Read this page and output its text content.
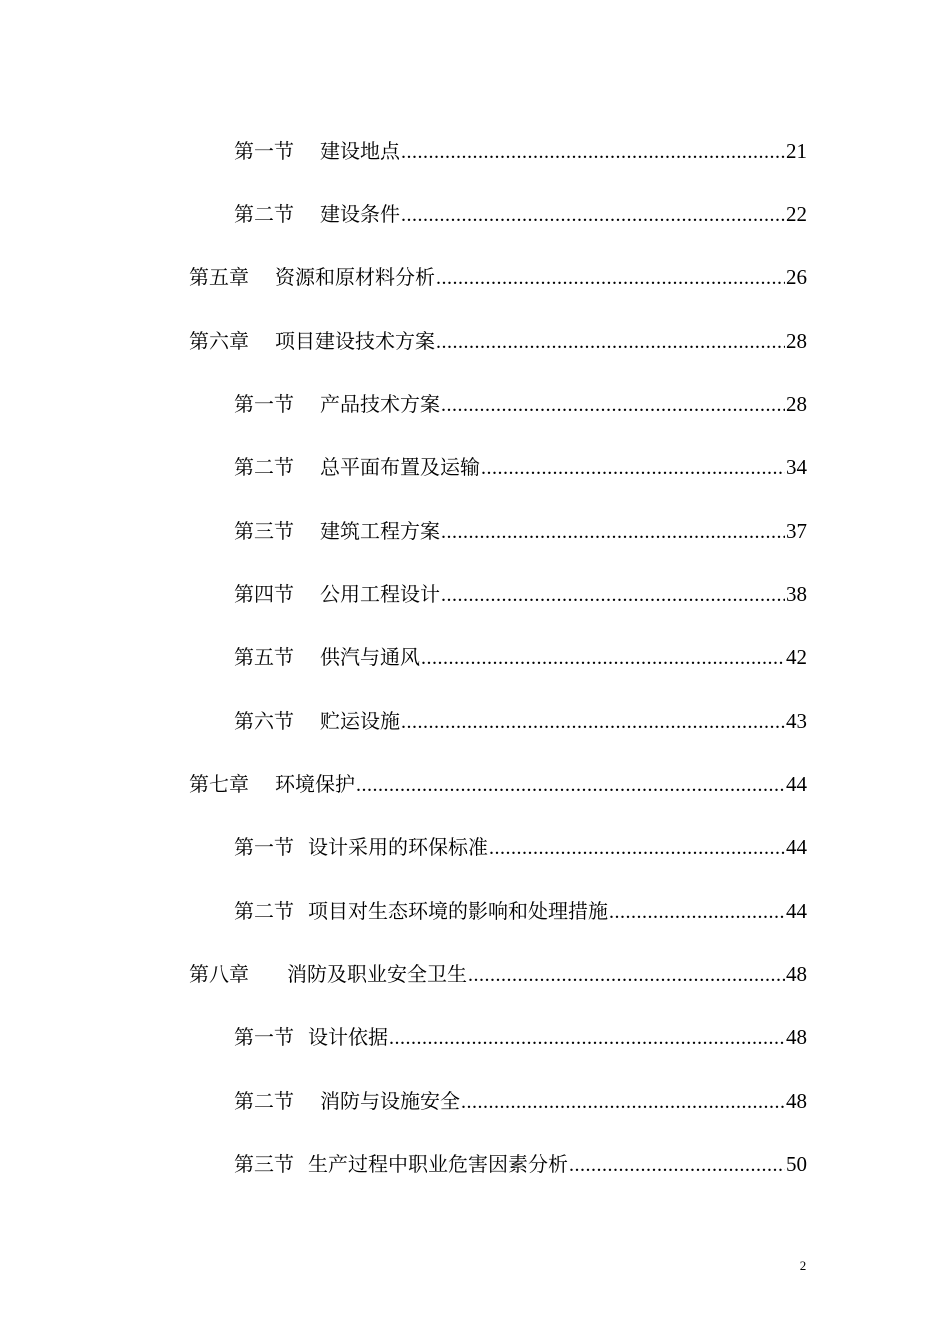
第一节 建设地点 .....	21
第二节 建设条件 .....	22
第五章 资源和原材料分析 .....	26
第六章 项目建设技术方案 .....	28
第一节 产品技术方案 .....	28
第二节 总平面布置及运输 .....	34
第三节 建筑工程方案 .....	37
第四节 公用工程设计 .....	38
第五节 供汽与通风 .....	42
第六节 贮运设施 .....	43
第七章 环境保护 .....	44
第一节 设计采用的环保标准 .....	44
第二节 项目对生态环境的影响和处理措施 .....	44
第八章 消防及职业安全卫生 .....	48
第一节 设计依据 .....	48
第二节 消防与设施安全 .....	48
第三节 生产过程中职业危害因素分析 .....	50
2
